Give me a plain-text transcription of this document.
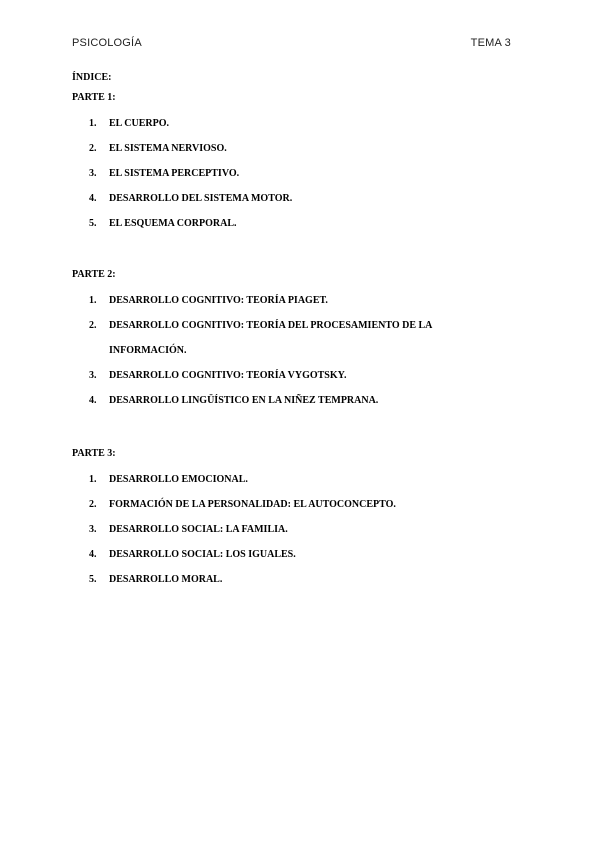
PSICOLOGÍA	TEMA 3
ÍNDICE:
PARTE 1:
1. EL CUERPO.
2. EL SISTEMA NERVIOSO.
3. EL SISTEMA PERCEPTIVO.
4. DESARROLLO DEL SISTEMA MOTOR.
5. EL ESQUEMA CORPORAL.
PARTE 2:
1. DESARROLLO COGNITIVO: TEORÍA PIAGET.
2. DESARROLLO COGNITIVO: TEORÍA DEL PROCESAMIENTO DE LA INFORMACIÓN.
3. DESARROLLO COGNITIVO: TEORÍA VYGOTSKY.
4. DESARROLLO LINGÜÍSTICO EN LA NIÑEZ TEMPRANA.
PARTE 3:
1. DESARROLLO EMOCIONAL.
2. FORMACIÓN DE LA PERSONALIDAD: EL AUTOCONCEPTO.
3. DESARROLLO SOCIAL: LA FAMILIA.
4. DESARROLLO SOCIAL: LOS IGUALES.
5. DESARROLLO MORAL.
